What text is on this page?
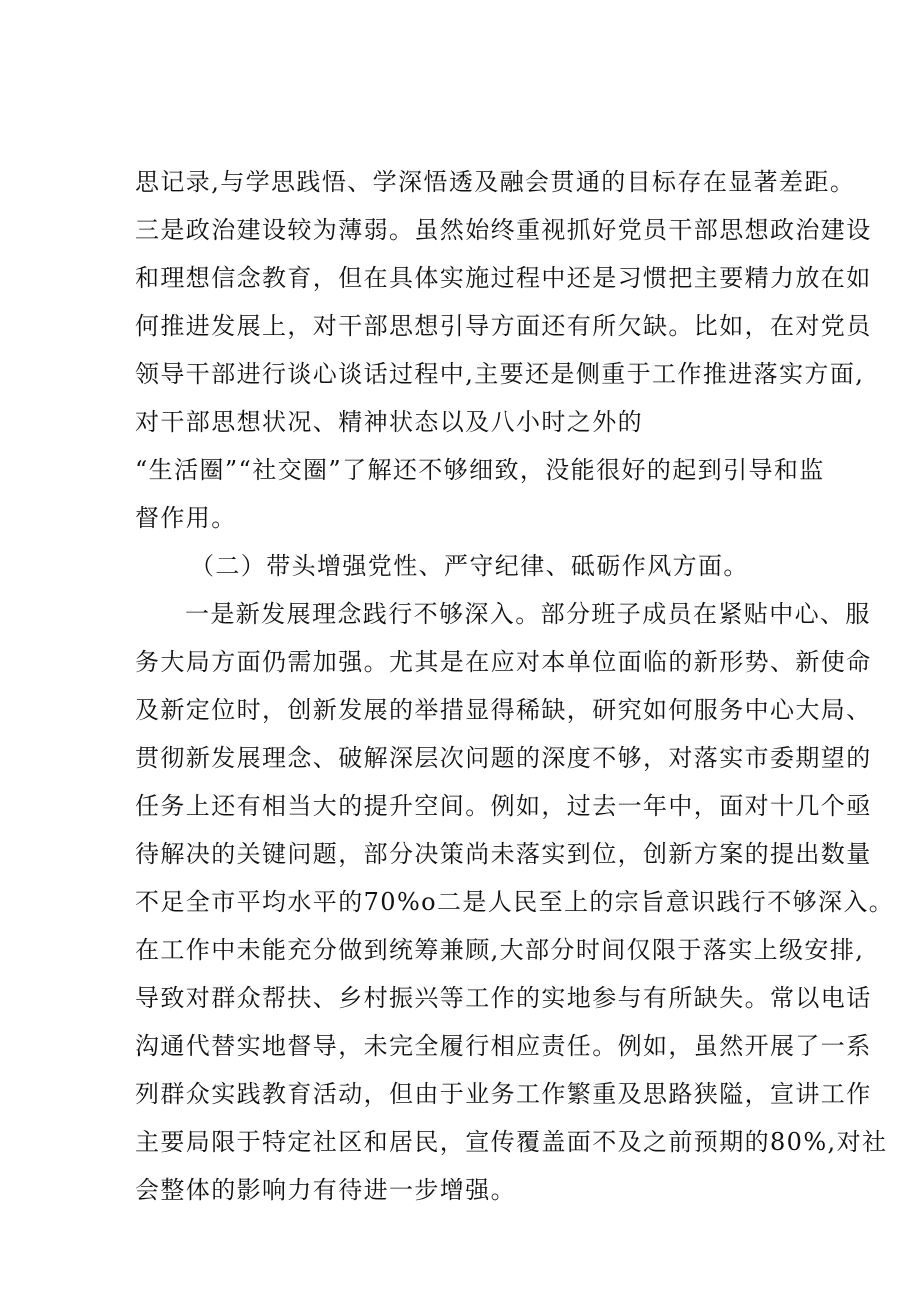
思记录,与学思践悟、学深悟透及融会贯通的目标存在显著差距。
三是政治建设较为薄弱。虽然始终重视抓好党员干部思想政治建设
和理想信念教育，但在具体实施过程中还是习惯把主要精力放在如
何推进发展上，对干部思想引导方面还有所欠缺。比如，在对党员
领导干部进行谈心谈话过程中,主要还是侧重于工作推进落实方面,
对干部思想状况、精神状态以及八小时之外的
“生活圈”“社交圈”了解还不够细致，没能很好的起到引导和监
督作用。
（二）带头增强党性、严守纪律、砥砺作风方面。
一是新发展理念践行不够深入。部分班子成员在紧贴中心、服
务大局方面仍需加强。尤其是在应对本单位面临的新形势、新使命
及新定位时，创新发展的举措显得稀缺，研究如何服务中心大局、
贯彻新发展理念、破解深层次问题的深度不够，对落实市委期望的
任务上还有相当大的提升空间。例如，过去一年中，面对十几个亟
待解决的关键问题，部分决策尚未落实到位，创新方案的提出数量
不足全市平均水平的70%o二是人民至上的宗旨意识践行不够深入。
在工作中未能充分做到统筹兼顾,大部分时间仅限于落实上级安排,
导致对群众帮扶、乡村振兴等工作的实地参与有所缺失。常以电话
沟通代替实地督导，未完全履行相应责任。例如，虽然开展了一系
列群众实践教育活动，但由于业务工作繁重及思路狭隘，宣讲工作
主要局限于特定社区和居民，宣传覆盖面不及之前预期的80%,对社
会整体的影响力有待进一步增强。
